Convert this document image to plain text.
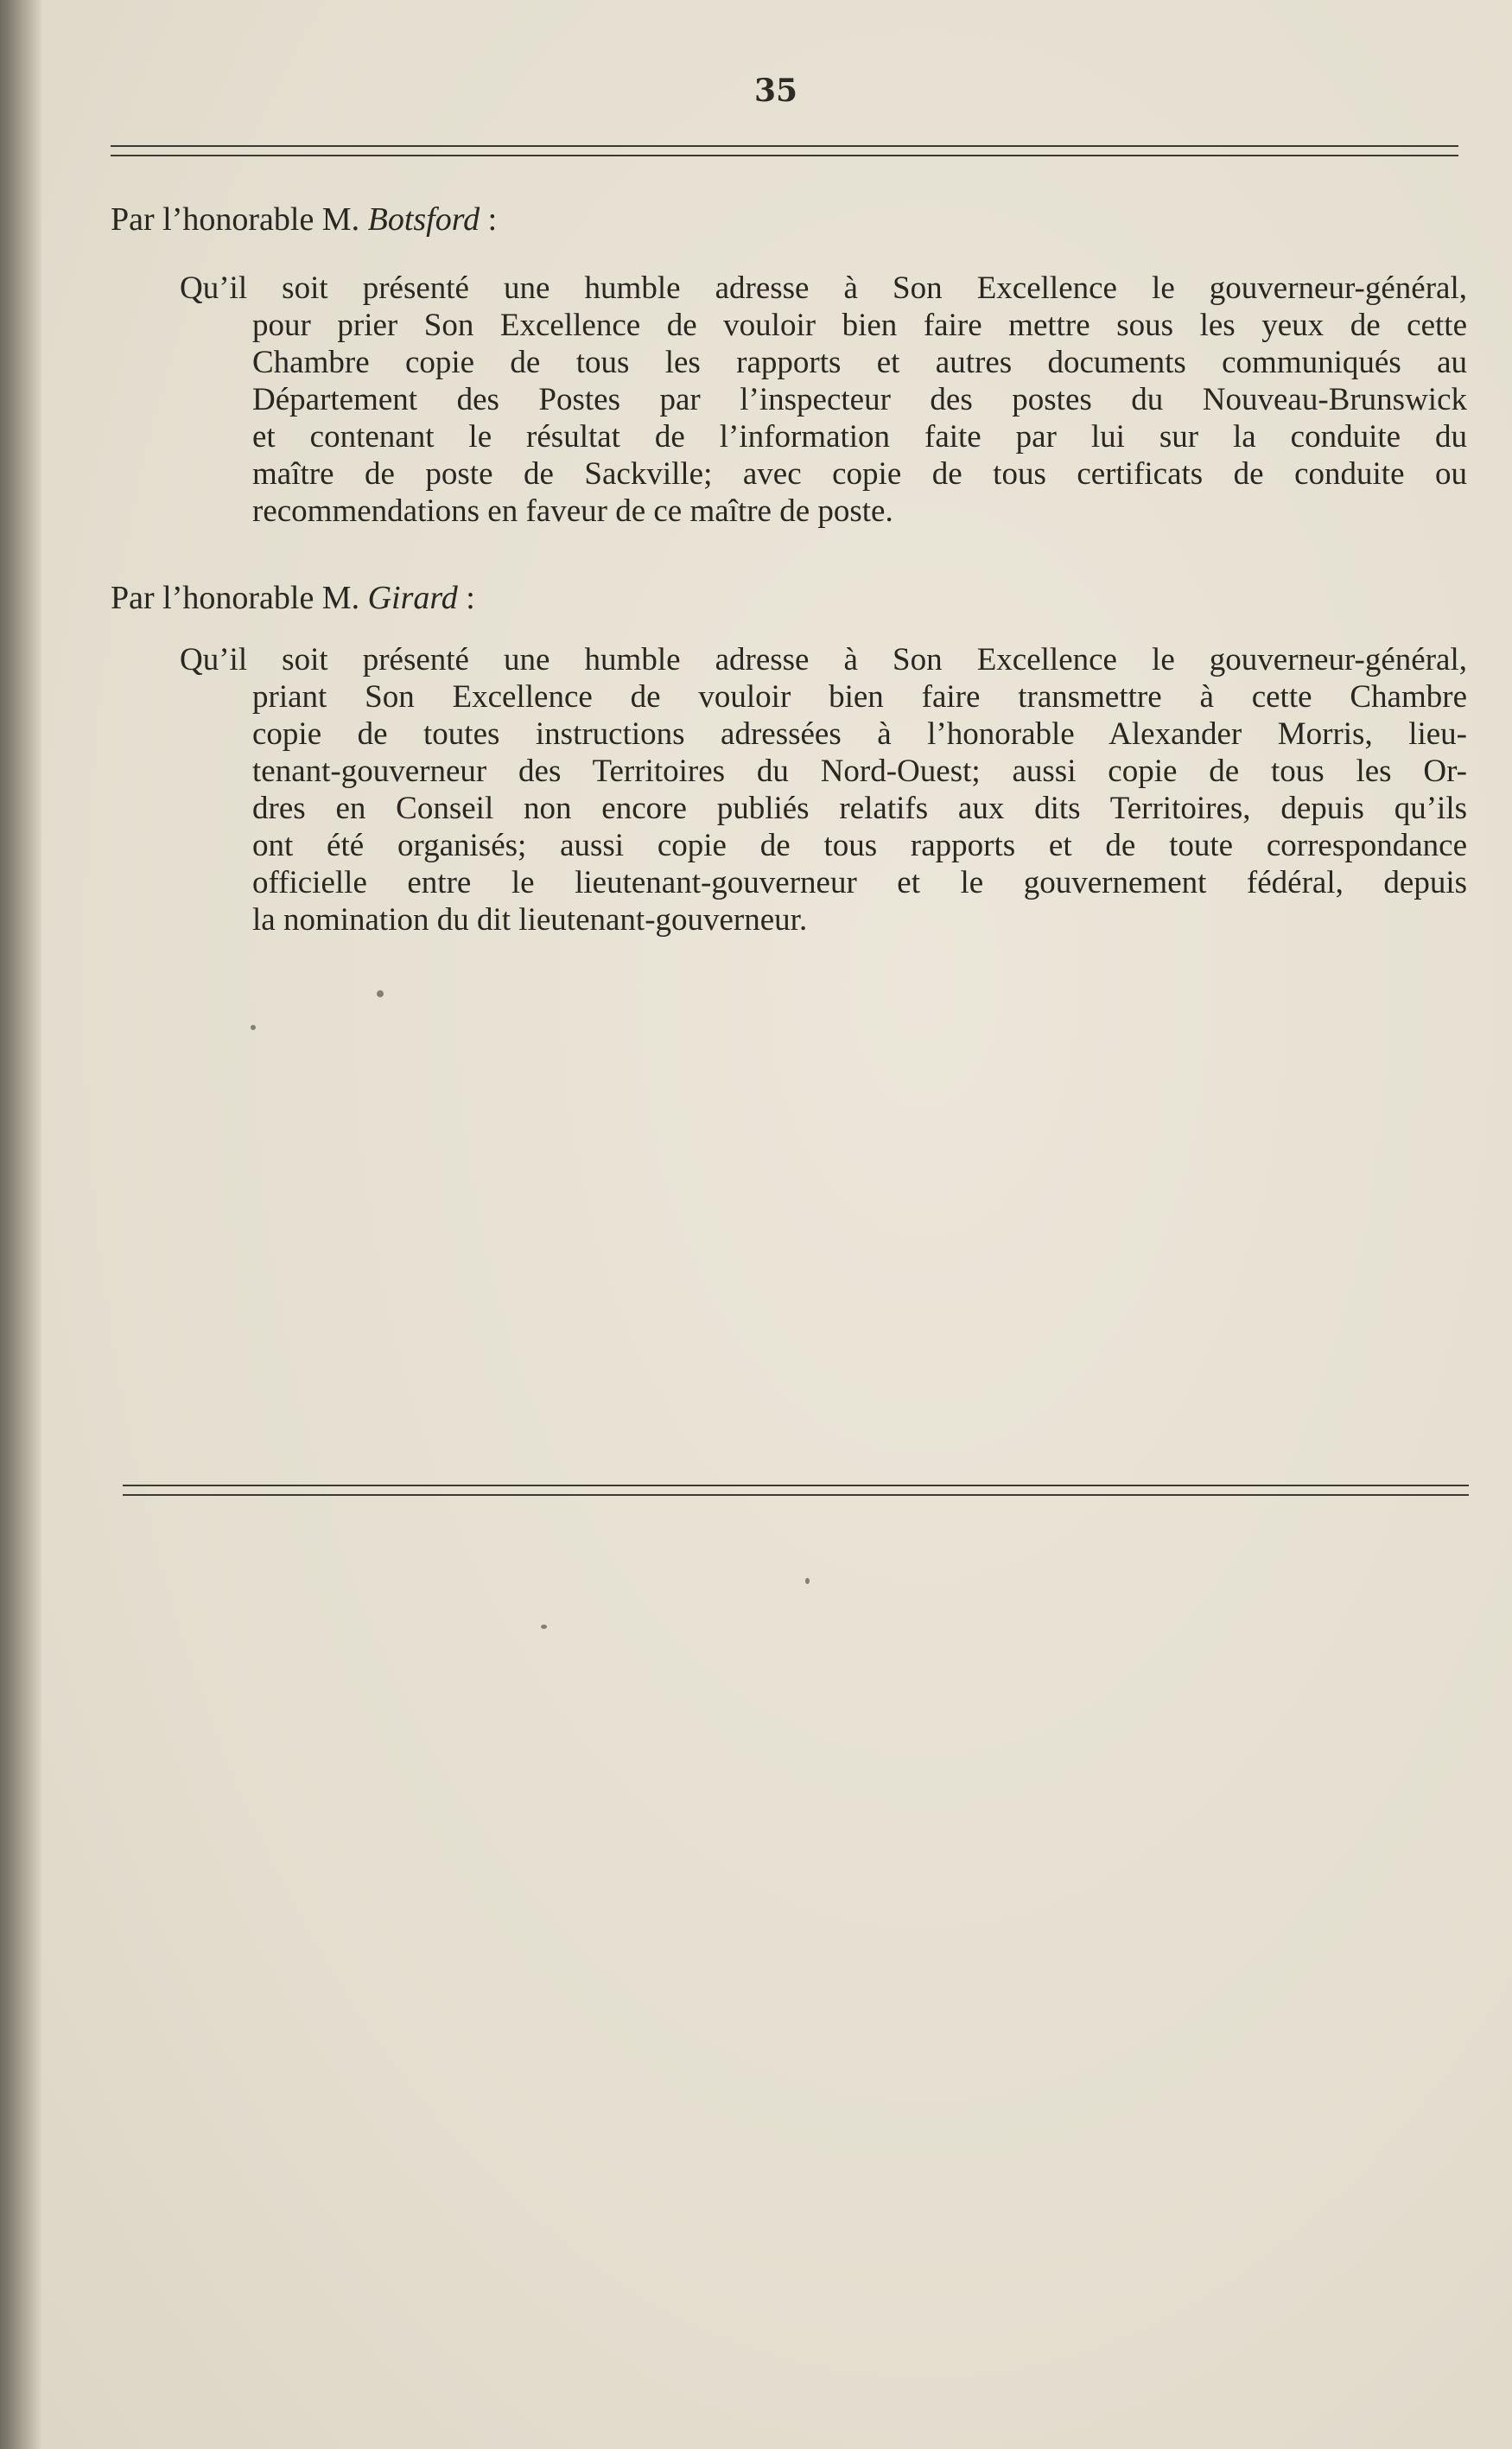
35
Par l’honorable M. Botsford :
Qu’il soit présenté une humble adresse à Son Excellence le gouverneur-général,
pour prier Son Excellence de vouloir bien faire mettre sous les yeux de cette
Chambre copie de tous les rapports et autres documents communiqués au
Département des Postes par l’inspecteur des postes du Nouveau-Brunswick
et contenant le résultat de l’information faite par lui sur la conduite du
maître de poste de Sackville; avec copie de tous certificats de conduite ou
recommendations en faveur de ce maître de poste.
Par l’honorable M. Girard :
Qu’il soit présenté une humble adresse à Son Excellence le gouverneur-général,
priant Son Excellence de vouloir bien faire transmettre à cette Chambre
copie de toutes instructions adressées à l’honorable Alexander Morris, lieu-
tenant-gouverneur des Territoires du Nord-Ouest; aussi copie de tous les Or-
dres en Conseil non encore publiés relatifs aux dits Territoires, depuis qu’ils
ont été organisés; aussi copie de tous rapports et de toute correspondance
officielle entre le lieutenant-gouverneur et le gouvernement fédéral, depuis
la nomination du dit lieutenant-gouverneur.
